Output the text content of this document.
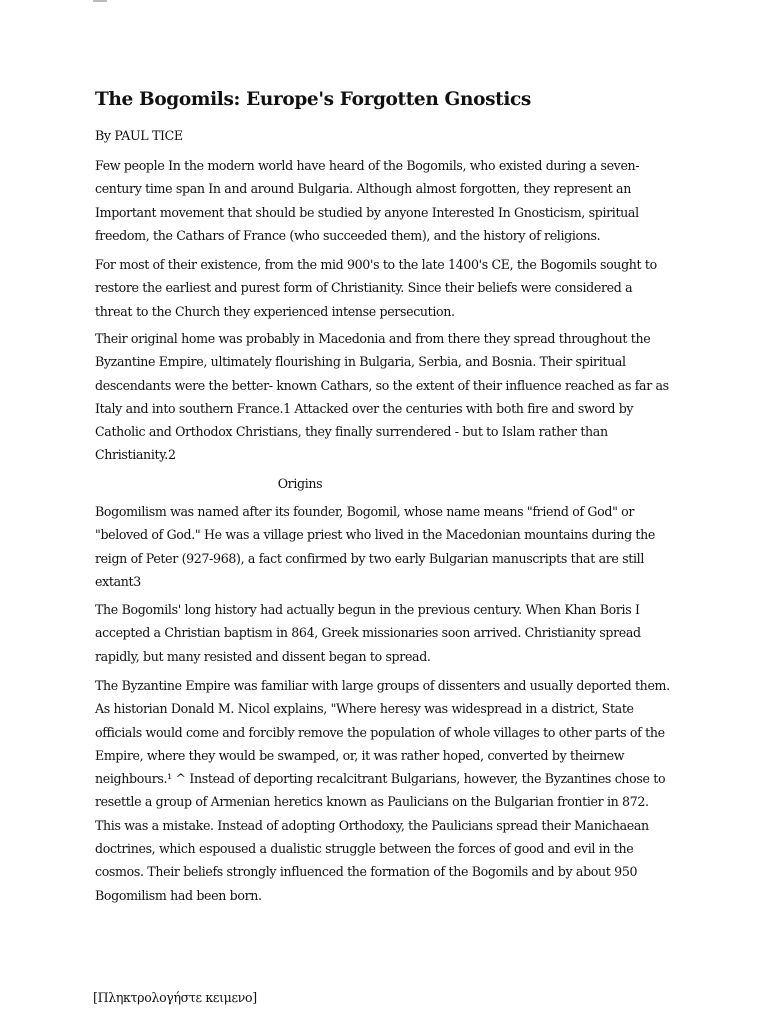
The Bogomils: Europe's Forgotten Gnostics
By PAUL TICE
Few people In the modern world have heard of the Bogomils, who existed during a seven- century time span In and around Bulgaria. Although almost forgotten, they represent an Important movement that should be studied by anyone Interested In Gnosticism, spiritual freedom, the Cathars of France (who succeeded them), and the history of religions.
For most of their existence, from the mid 900's to the late 1400's CE, the Bogomils sought to restore the earliest and purest form of Christianity. Since their beliefs were considered a threat to the Church they experienced intense persecution.
Their original home was probably in Macedonia and from there they spread throughout the Byzantine Empire, ultimately flourishing in Bulgaria, Serbia, and Bosnia. Their spiritual descendants were the better- known Cathars, so the extent of their influence reached as far as Italy and into southern France.1 Attacked over the centuries with both fire and sword by Catholic and Orthodox Christians, they finally surrendered - but to Islam rather than Christianity.2
Origins
Bogomilism was named after its founder, Bogomil, whose name means "friend of God" or "beloved of God." He was a village priest who lived in the Macedonian mountains during the reign of Peter (927-968), a fact confirmed by two early Bulgarian manuscripts that are still extant3
The Bogomils' long history had actually begun in the previous century. When Khan Boris I accepted a Christian baptism in 864, Greek missionaries soon arrived. Christianity spread rapidly, but many resisted and dissent began to spread.
The Byzantine Empire was familiar with large groups of dissenters and usually deported them. As historian Donald M. Nicol explains, "Where heresy was widespread in a district, State officials would come and forcibly remove the population of whole villages to other parts of the Empire, where they would be swamped, or, it was rather hoped, converted by theirnew neighbours.¹ ^ Instead of deporting recalcitrant Bulgarians, however, the Byzantines chose to resettle a group of Armenian heretics known as Paulicians on the Bulgarian frontier in 872. This was a mistake. Instead of adopting Orthodoxy, the Paulicians spread their Manichaean doctrines, which espoused a dualistic struggle between the forces of good and evil in the cosmos. Their beliefs strongly influenced the formation of the Bogomils and by about 950 Bogomilism had been born.
[Πληκτρολογήστε κειμενο]
